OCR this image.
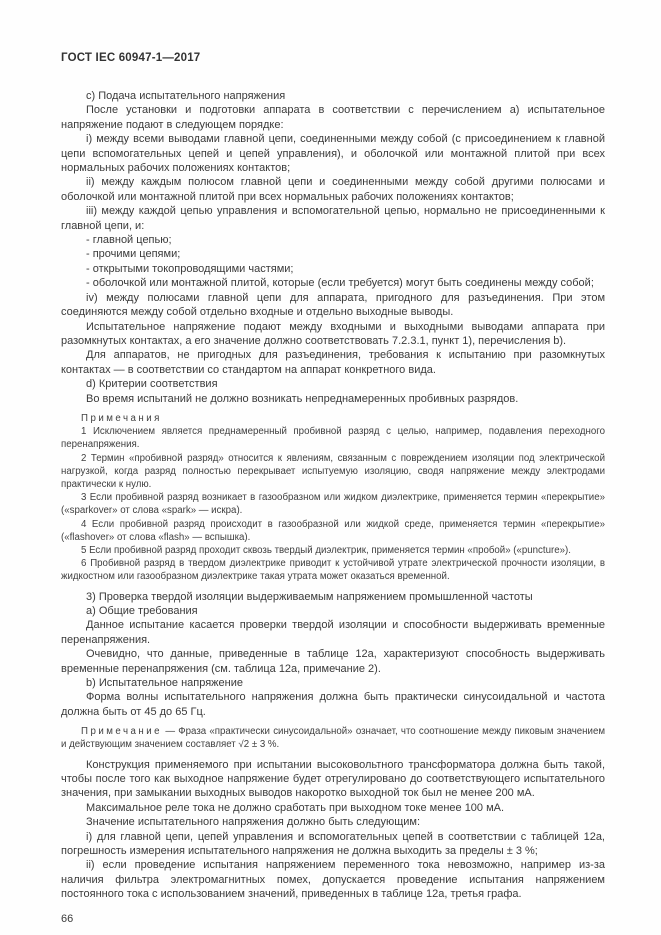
ГОСТ IEC 60947-1—2017

c) Подача испытательного напряжения

После установки и подготовки аппарата в соответствии с перечислением а) испытательное напряжение подают в следующем порядке:

i) между всеми выводами главной цепи, соединенными между собой (с присоединением к главной цепи вспомогательных цепей и цепей управления), и оболочкой или монтажной плитой при всех нормальных рабочих положениях контактов;

ii) между каждым полюсом главной цепи и соединенными между собой другими полюсами и оболочкой или монтажной плитой при всех нормальных рабочих положениях контактов;

iii) между каждой цепью управления и вспомогательной цепью, нормально не присоединенными к главной цепи, и:

- главной цепью;

- прочими цепями;

- открытыми токопроводящими частями;

- оболочкой или монтажной плитой, которые (если требуется) могут быть соединены между собой;

iv) между полюсами главной цепи для аппарата, пригодного для разъединения. При этом соединяются между собой отдельно входные и отдельно выходные выводы.

Испытательное напряжение подают между входными и выходными выводами аппарата при разомкнутых контактах, а его значение должно соответствовать 7.2.3.1, пункт 1), перечисления b).

Для аппаратов, не пригодных для разъединения, требования к испытанию при разомкнутых контактах — в соответствии со стандартом на аппарат конкретного вида.

d) Критерии соответствия

Во время испытаний не должно возникать непреднамеренных пробивных разрядов.

Примечания

1 Исключением является преднамеренный пробивной разряд с целью, например, подавления переходного перенапряжения.

2 Термин «пробивной разряд» относится к явлениям, связанным с повреждением изоляции под электрической нагрузкой, когда разряд полностью перекрывает испытуемую изоляцию, сводя напряжение между электродами практически к нулю.

3 Если пробивной разряд возникает в газообразном или жидком диэлектрике, применяется термин «перекрытие» («sparkover» от слова «spark» — искра).

4 Если пробивной разряд происходит в газообразной или жидкой среде, применяется термин «перекрытие» («flashover» от слова «flash» — вспышка).

5 Если пробивной разряд проходит сквозь твердый диэлектрик, применяется термин «пробой» («puncture»).

6 Пробивной разряд в твердом диэлектрике приводит к устойчивой утрате электрической прочности изоляции, в жидкостном или газообразном диэлектрике такая утрата может оказаться временной.

3) Проверка твердой изоляции выдерживаемым напряжением промышленной частоты

a) Общие требования

Данное испытание касается проверки твердой изоляции и способности выдерживать временные перенапряжения.

Очевидно, что данные, приведенные в таблице 12а, характеризуют способность выдерживать временные перенапряжения (см. таблица 12а, примечание 2).

b) Испытательное напряжение

Форма волны испытательного напряжения должна быть практически синусоидальной и частота должна быть от 45 до 65 Гц.

Примечание — Фраза «практически синусоидальной» означает, что соотношение между пиковым значением и действующим значением составляет √2 ± 3 %.

Конструкция применяемого при испытании высоковольтного трансформатора должна быть такой, чтобы после того как выходное напряжение будет отрегулировано до соответствующего испытательного значения, при замыкании выходных выводов накоротко выходной ток был не менее 200 мА.

Максимальное реле тока не должно сработать при выходном токе менее 100 мА.

Значение испытательного напряжения должно быть следующим:

i) для главной цепи, цепей управления и вспомогательных цепей в соответствии с таблицей 12а, погрешность измерения испытательного напряжения не должна выходить за пределы ± 3 %;

ii) если проведение испытания напряжением переменного тока невозможно, например из-за наличия фильтра электромагнитных помех, допускается проведение испытания напряжением постоянного тока с использованием значений, приведенных в таблице 12а, третья графа.

66
